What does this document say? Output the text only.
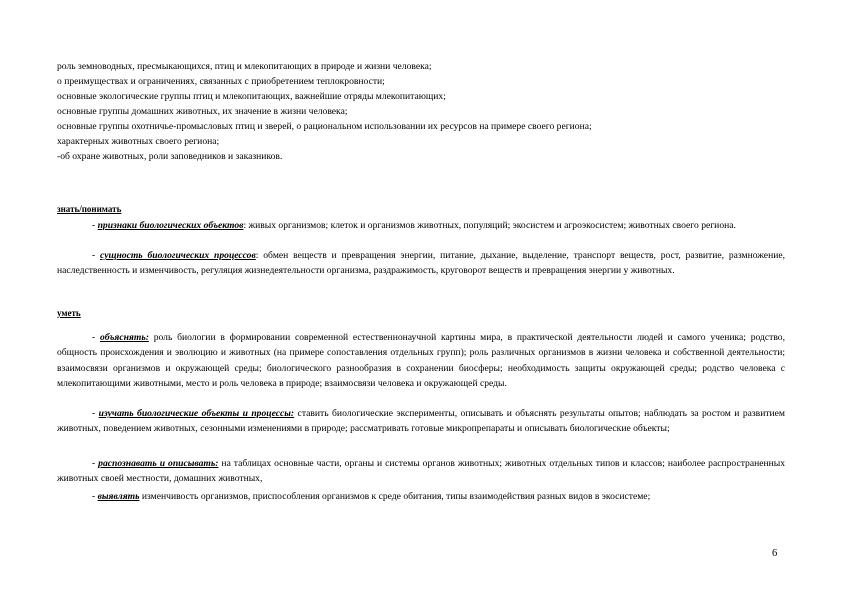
роль земноводных, пресмыкающихся, птиц и млекопитающих в природе и жизни человека;
о преимуществах и ограничениях, связанных с приобретением теплокровности;
основные экологические группы птиц и млекопитающих, важнейшие отряды млекопитающих;
основные группы домашних животных, их значение в жизни человека;
основные группы охотничье-промысловых птиц и зверей, о рациональном использовании их ресурсов на примере своего региона;
характерных животных своего региона;
-об охране животных, роли заповедников и заказников.
знать/понимать
- признаки биологических объектов: живых организмов; клеток и организмов животных, популяций; экосистем и агроэкосистем; животных своего региона.
- сущность биологических процессов: обмен веществ и превращения энергии, питание, дыхание, выделение, транспорт веществ, рост, развитие, размножение, наследственность и изменчивость, регуляция жизнедеятельности организма, раздражимость, круговорот веществ и превращения энергии у животных.
уметь
- объяснять: роль биологии в формировании современной естественнонаучной картины мира, в практической деятельности людей и самого ученика; родство, общность происхождения и эволюцию и животных (на примере сопоставления отдельных групп); роль различных организмов в жизни человека и собственной деятельности; взаимосвязи организмов и окружающей среды; биологического разнообразия в сохранении биосферы; необходимость защиты окружающей среды; родство человека с млекопитающими животными, место и роль человека в природе; взаимосвязи человека и окружающей среды.
- изучать биологические объекты и процессы: ставить биологические эксперименты, описывать и объяснять результаты опытов; наблюдать за ростом и развитием животных, поведением животных, сезонными изменениями в природе; рассматривать готовые микропрепараты и описывать биологические объекты;
- распознавать и описывать: на таблицах основные части, органы и системы органов животных; животных отдельных типов и классов; наиболее распространенных животных своей местности, домашних животных,
- выявлять изменчивость организмов, приспособления организмов к среде обитания, типы взаимодействия разных видов в экосистеме;
6
